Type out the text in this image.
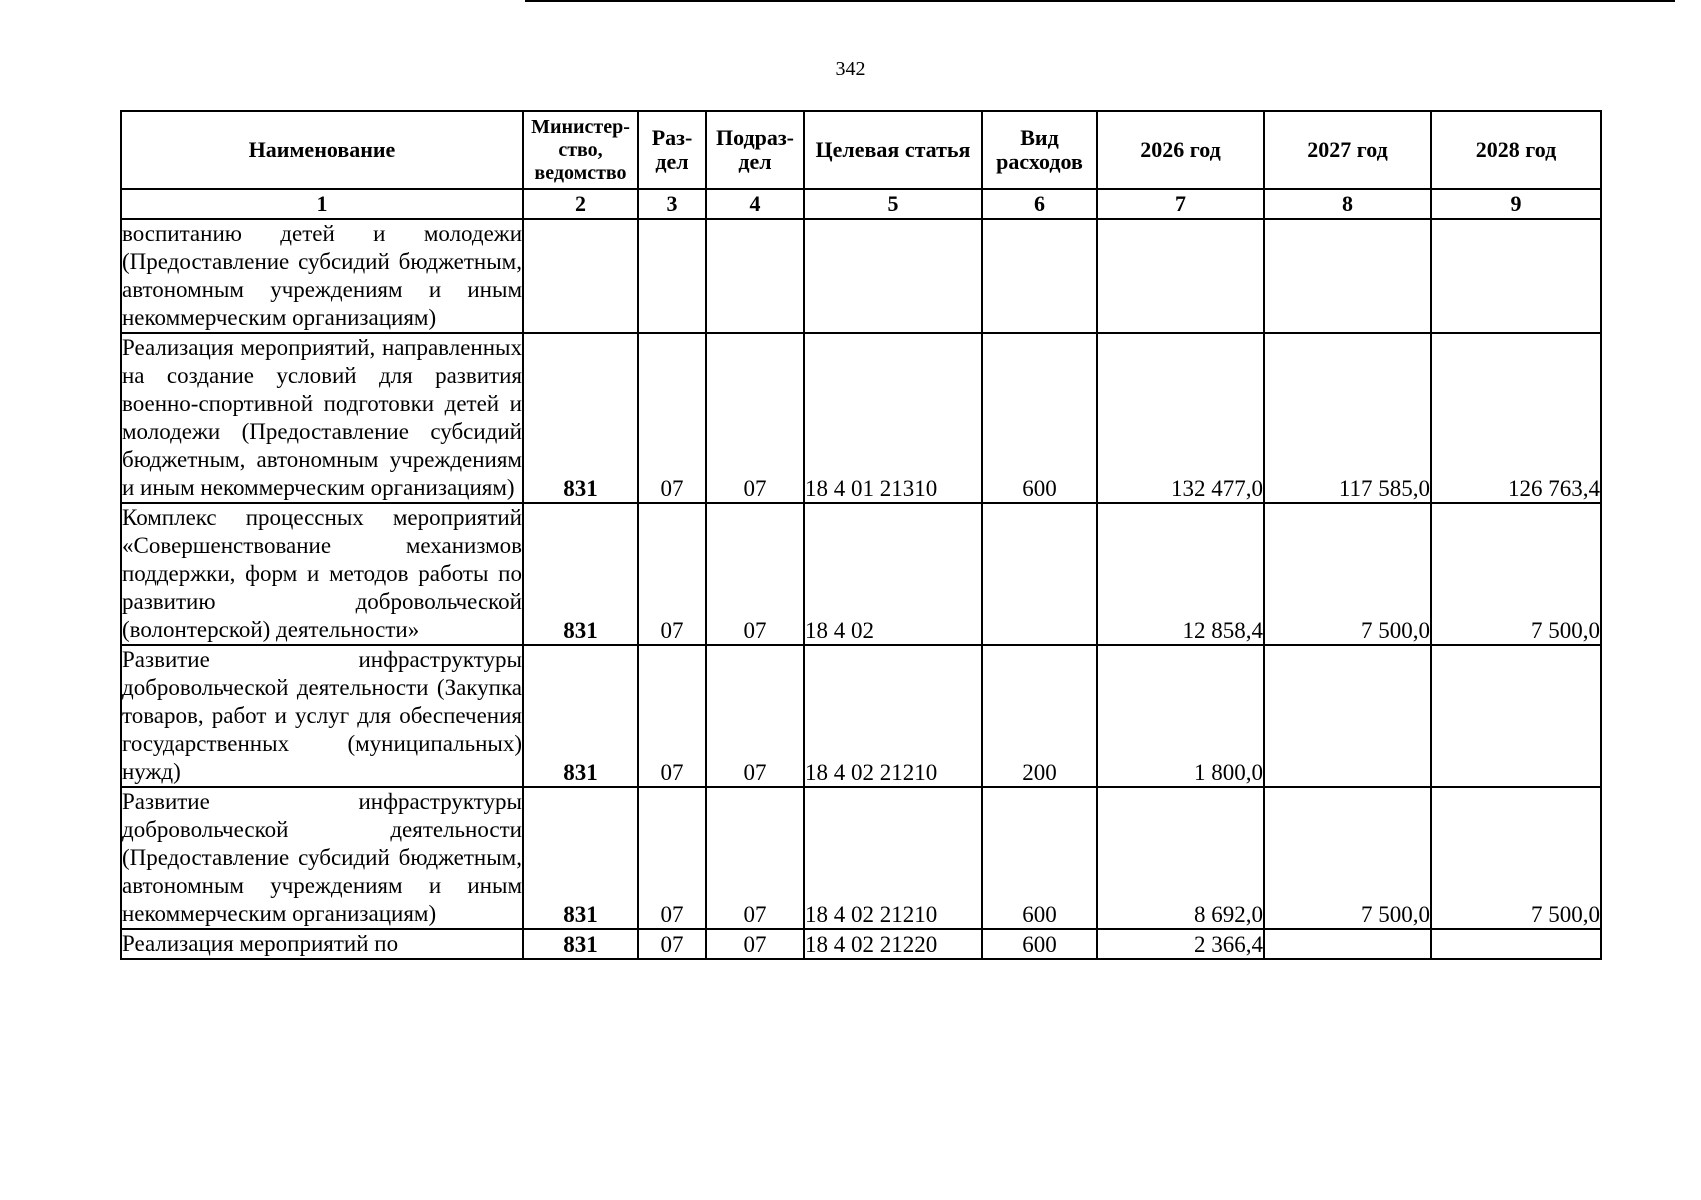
342
Наименование	Министер-ство, ведомство	Раз-дел	Подраз-дел	Целевая статья	Вид расходов	2026 год	2027 год	2028 год
1	2	3	4	5	6	7	8	9
воспитанию детей и молодежи (Предоставление субсидий бюджетным, автономным учреждениям и иным некоммерческим организациям)								
Реализация мероприятий, направленных на создание условий для развития военно-спортивной подготовки детей и молодежи (Предоставление субсидий бюджетным, автономным учреждениям и иным некоммерческим организациям)	831	07	07	18 4 01 21310	600	132 477,0	117 585,0	126 763,4
Комплекс процессных мероприятий «Совершенствование механизмов поддержки, форм и методов работы по развитию добровольческой (волонтерской) деятельности»	831	07	07	18 4 02		12 858,4	7 500,0	7 500,0
Развитие инфраструктуры добровольческой деятельности (Закупка товаров, работ и услуг для обеспечения государственных (муниципальных) нужд)	831	07	07	18 4 02 21210	200	1 800,0		
Развитие инфраструктуры добровольческой деятельности (Предоставление субсидий бюджетным, автономным учреждениям и иным некоммерческим организациям)	831	07	07	18 4 02 21210	600	8 692,0	7 500,0	7 500,0
Реализация мероприятий по	831	07	07	18 4 02 21220	600	2 366,4		
